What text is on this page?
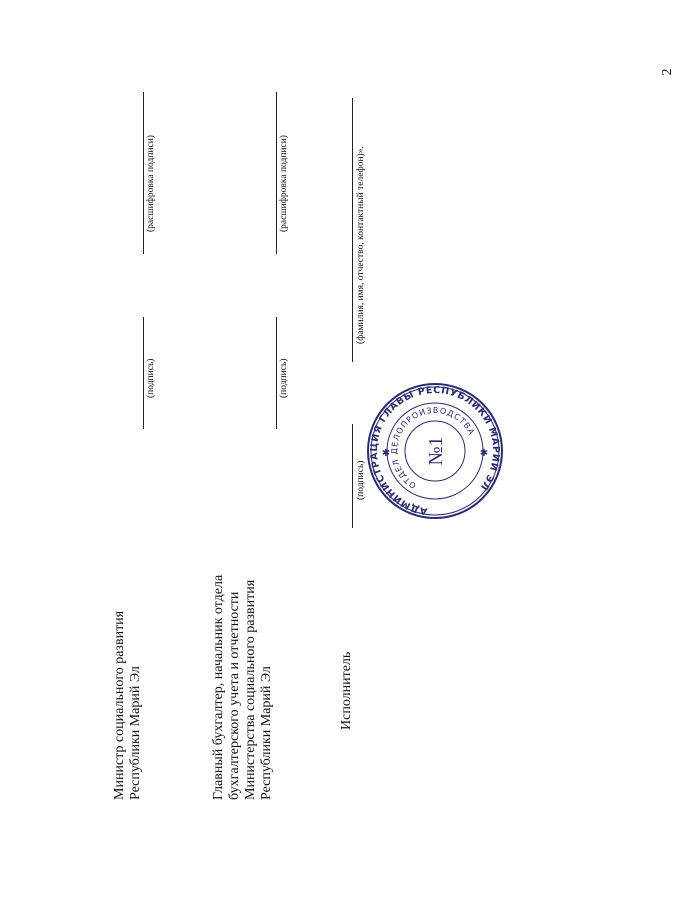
2
Министр социального развития Республики Марий Эл
(подпись)
(расшифровка подписи)
Главный бухгалтер, начальник отдела бухгалтерского учета и отчетности Министерства социального развития Республики Марий Эл
(подпись)
(расшифровка подписи)
Исполнитель
(подпись)
(фамилия, имя, отчество, контактный телефон)».
АДМИНИСТРАЦИЯ ГЛАВЫ РЕСПУБЛИКИ МАРИЙ ЭЛ
ОТДЕЛ ДЕЛОПРОИЗВОДСТВА
№1	✱
✱
